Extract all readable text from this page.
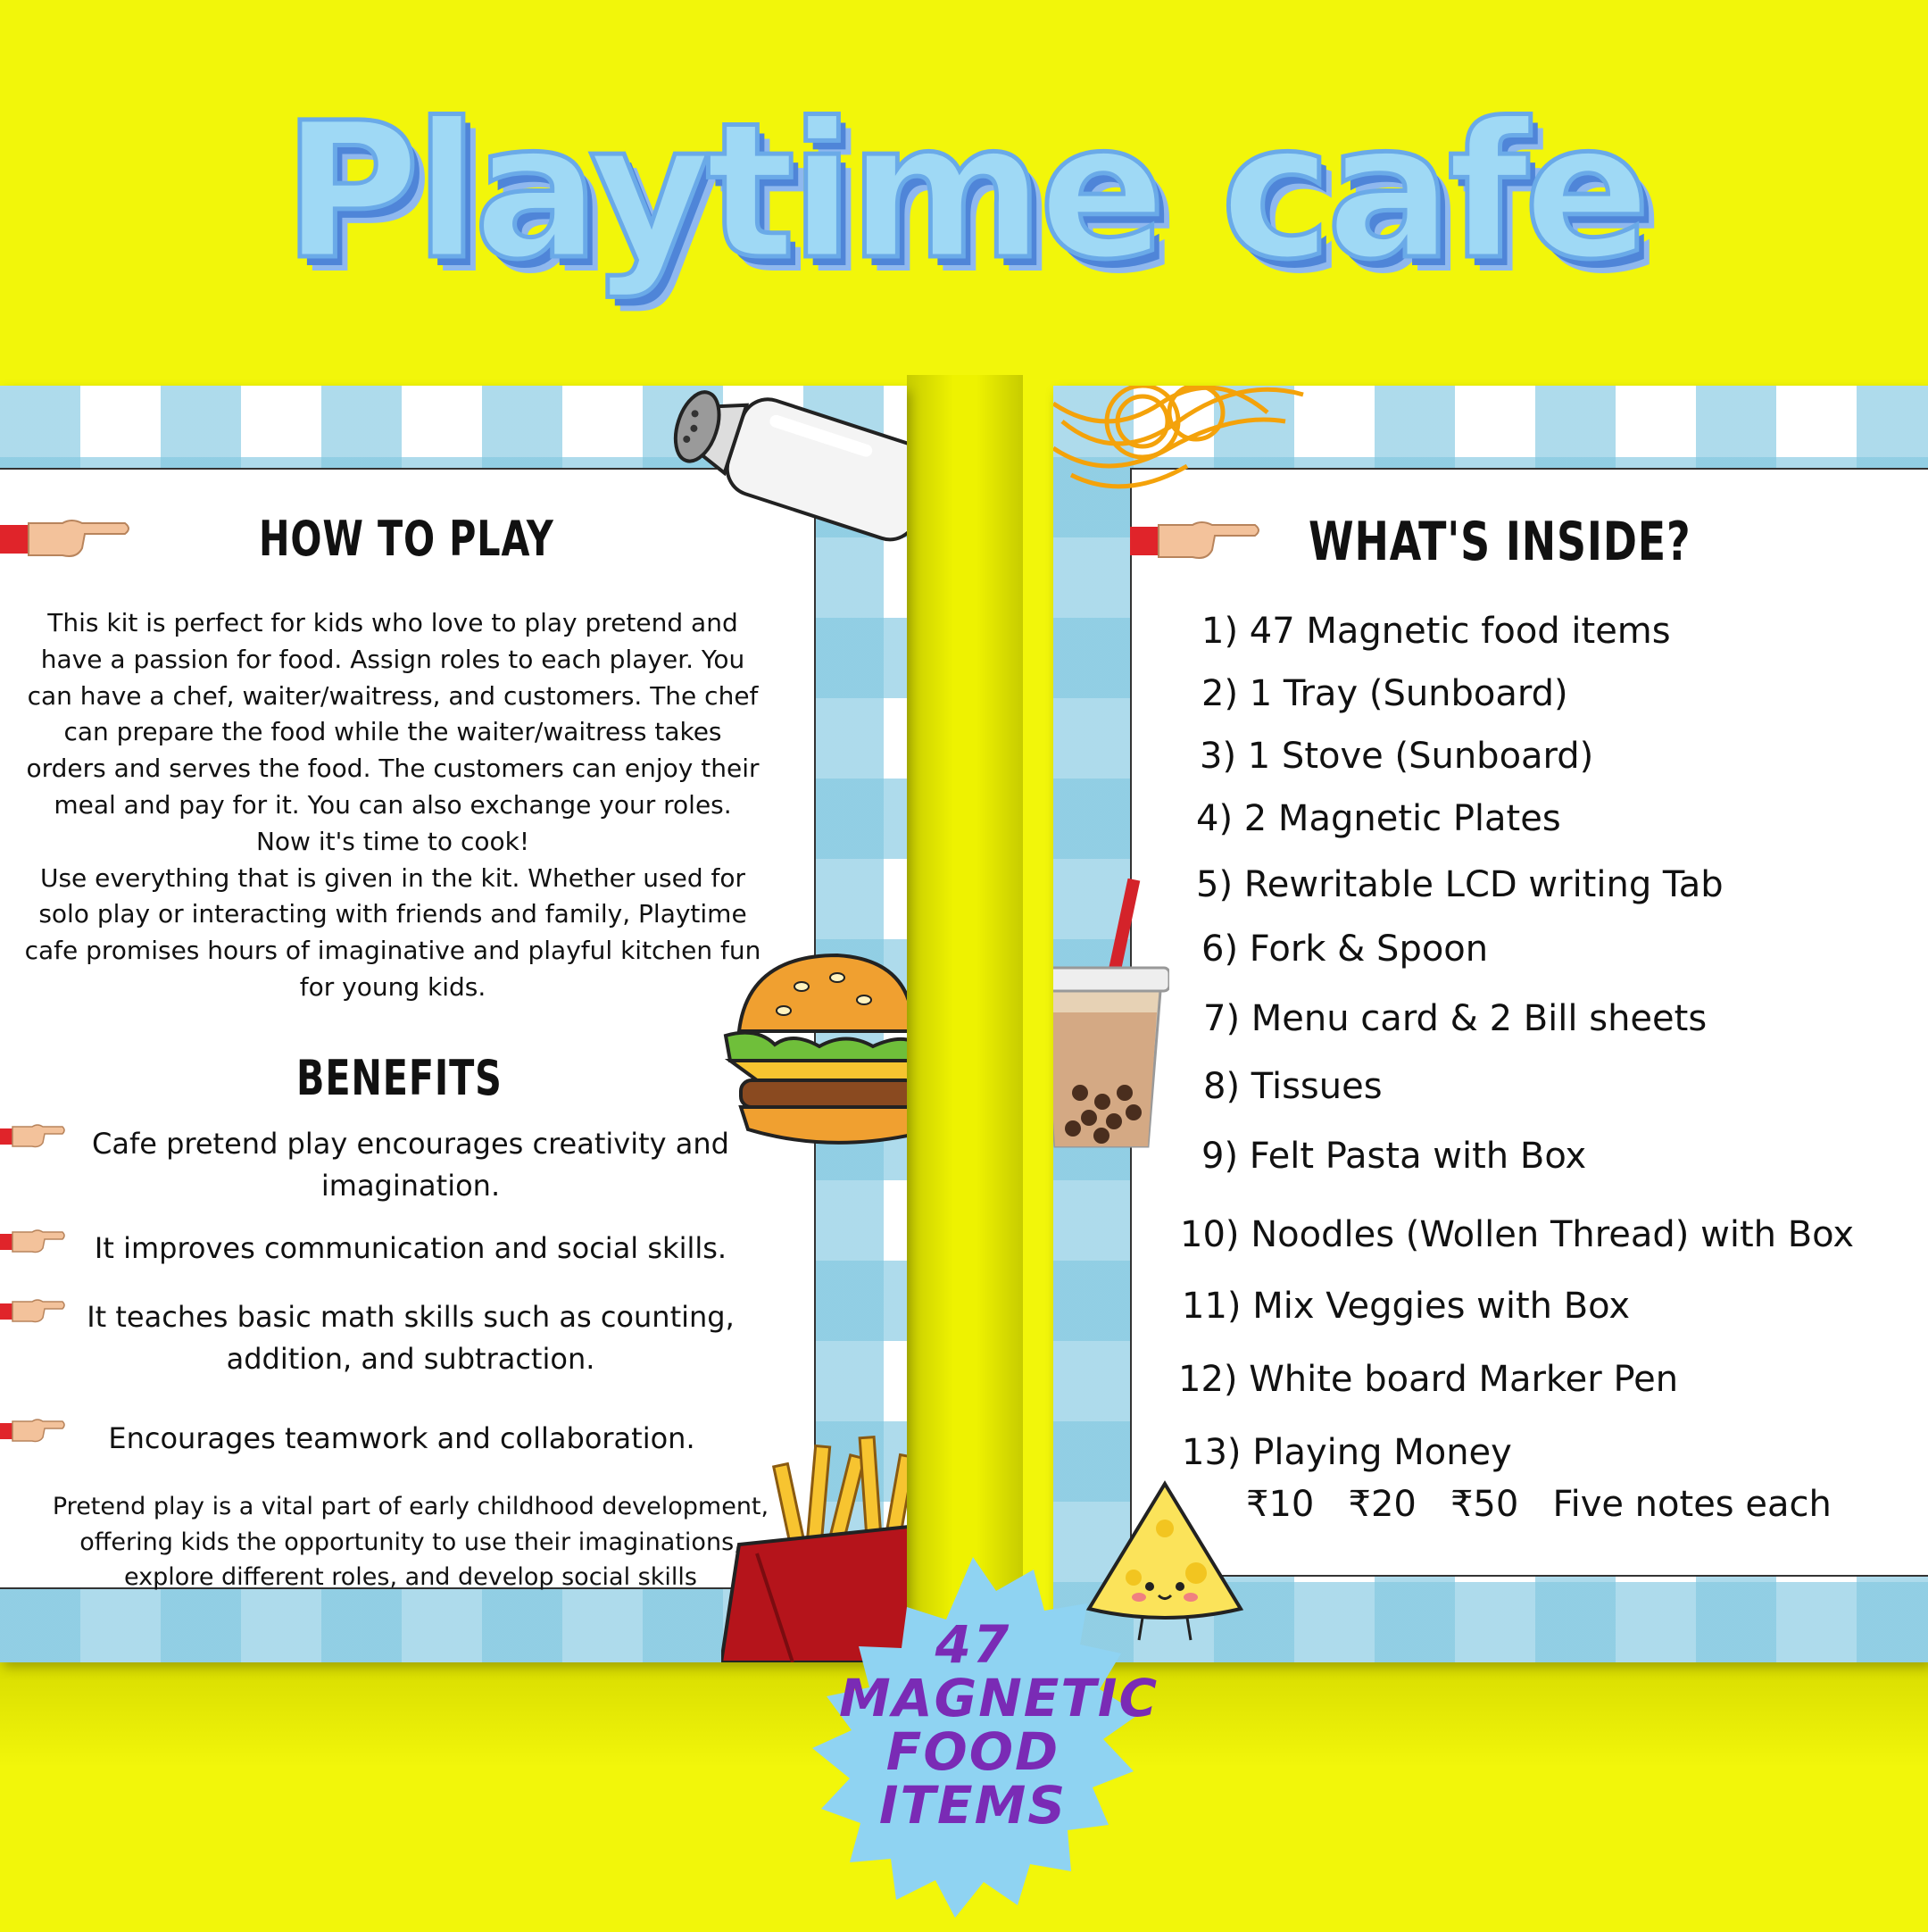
Playtime cafe
HOW TO PLAY
This kit is perfect for kids who love to play pretend and
have a passion for food. Assign roles to each player. You
can have a chef, waiter/waitress, and customers. The chef
can prepare the food while the waiter/waitress takes
orders and serves the food. The customers can enjoy their
meal and pay for it. You can also exchange your roles.
Now it's time to cook!
Use everything that is given in the kit. Whether used for
solo play or interacting with friends and family, Playtime
cafe promises hours of imaginative and playful kitchen fun
for young kids.
BENEFITS
Cafe pretend play encourages creativity and
imagination.
It improves communication and social skills.
It teaches basic math skills such as counting,
addition, and subtraction.
Encourages teamwork and collaboration.
Pretend play is a vital part of early childhood development,
offering kids the opportunity to use their imaginations,
explore different roles, and develop social skills
WHAT'S INSIDE?
1) 47 Magnetic food items
2) 1 Tray (Sunboard)
3) 1 Stove (Sunboard)
4) 2 Magnetic Plates
5) Rewritable LCD writing Tab
6) Fork & Spoon
7) Menu card & 2 Bill sheets
8) Tissues
9) Felt Pasta with Box
10) Noodles (Wollen Thread) with Box
11) Mix Veggies with Box
12) White board Marker Pen
13) Playing Money
₹10   ₹20   ₹50   Five notes each
47
MAGNETIC
FOOD
ITEMS
